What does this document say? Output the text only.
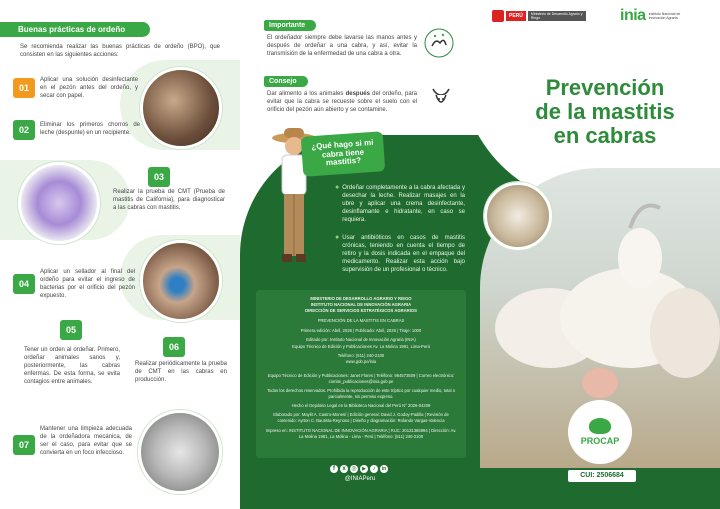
Buenas prácticas de ordeño
Se recomienda realizar las buenas prácticas de ordeño (BPO), que consisten en las siguientes acciones:
01
Aplicar una solución desinfectante en el pezón antes del ordeño, y secar con papel.
02	Eliminar los primeros chorros de leche (despunte) en un recipiente.
03
Realizar la prueba de CMT (Prueba de mastitis de California), para diagnosticar a las cabras con mastitis.
04
Aplicar un sellador al final del ordeño para evitar el ingreso de bacterias por el orificio del pezón expuesto.
05
Tener un orden al ordeñar. Primero, ordeñar animales sanos y, posteriormente, las cabras enfermas. De esta forma, se evita contagios entre animales.
06
Realizar periódicamente la prueba de CMT en las cabras en producción.
07
Mantener una limpieza adecuada de la ordeñadora mecánica, de ser el caso, para evitar que se convierta en un foco infeccioso.
Importante
El ordeñador siempre debe lavarse las manos antes y después de ordeñar a una cabra, y así, evitar la transmisión de la enfermedad de una cabra a otra.
Consejo
Dar alimento a los animales después del ordeño, para evitar que la cabra se recueste sobre el suelo con el orificio del pezón aún abierto y se contamine.
¿Qué hago si mi cabra tiene mastitis?
● Ordeñar completamente a la cabra afectada y desechar la leche. Realizar masajes en la ubre y aplicar una crema desinfectante, desinflamante e hidratante, en caso se requiera.
● Usar antibióticos en casos de mastitis crónicas, teniendo en cuenta el tiempo de retiro y la dosis indicada en el empaque del medicamento. Realizar esta acción bajo supervisión de un profesional o técnico.
MINISTERIO DE DESARROLLO AGRARIO Y RIEGO
INSTITUTO NACIONAL DE INNOVACIÓN AGRARIA
DIRECCIÓN DE SERVICIOS ESTRATÉGICOS AGRARIOS
PREVENCIÓN DE LA MASTITIS EN CABRAS
Primera edición: Abril, 2026 | Publicado: Abril, 2026 | Tiraje: 1000
Editado por: Instituto Nacional de Innovación Agraria (INIA)
Equipo Técnico de Edición y Publicaciones Av. La Molina 1981, Lima-Perú
Teléfono: (511) 240-2100
www.gob.pe/inia
Equipo Técnico de Edición y Publicaciones: Janet Flores | Teléfono: 964573509 | Correo electrónico: comite_publicaciones@inia.gob.pe
Todos los derechos reservados. Prohibida la reproducción de este tríptico por cualquier medio, total o parcialmente, sin permiso expreso.
Hecho el Depósito Legal en la Biblioteca Nacional del Perú N° 2026-04209
Elaborado por: Maylit A. Castro-Monesí | Edición general: David J. Godoy-Padilla | Revisión de contenido: Ayrton C. Bautista-Reynoso | Diseño y diagramación: Rolando Vargas-Valencia
Impreso en: INSTITUTO NACIONAL DE INNOVACIÓN AGRARIA | RUC: 20131365994 | Dirección: Av. La Molina 1981, La Molina - Lima - Perú | Teléfono: (511) 240-2100
f	x ◎	▶	♪	in
@INIAPeru
PERÚ	Ministerio de Desarrollo Agrario y Riego	inia Instituto Nacional de Innovación Agraria
Prevención
de la mastitis
en cabras
PROCAP
CUI: 2506684
